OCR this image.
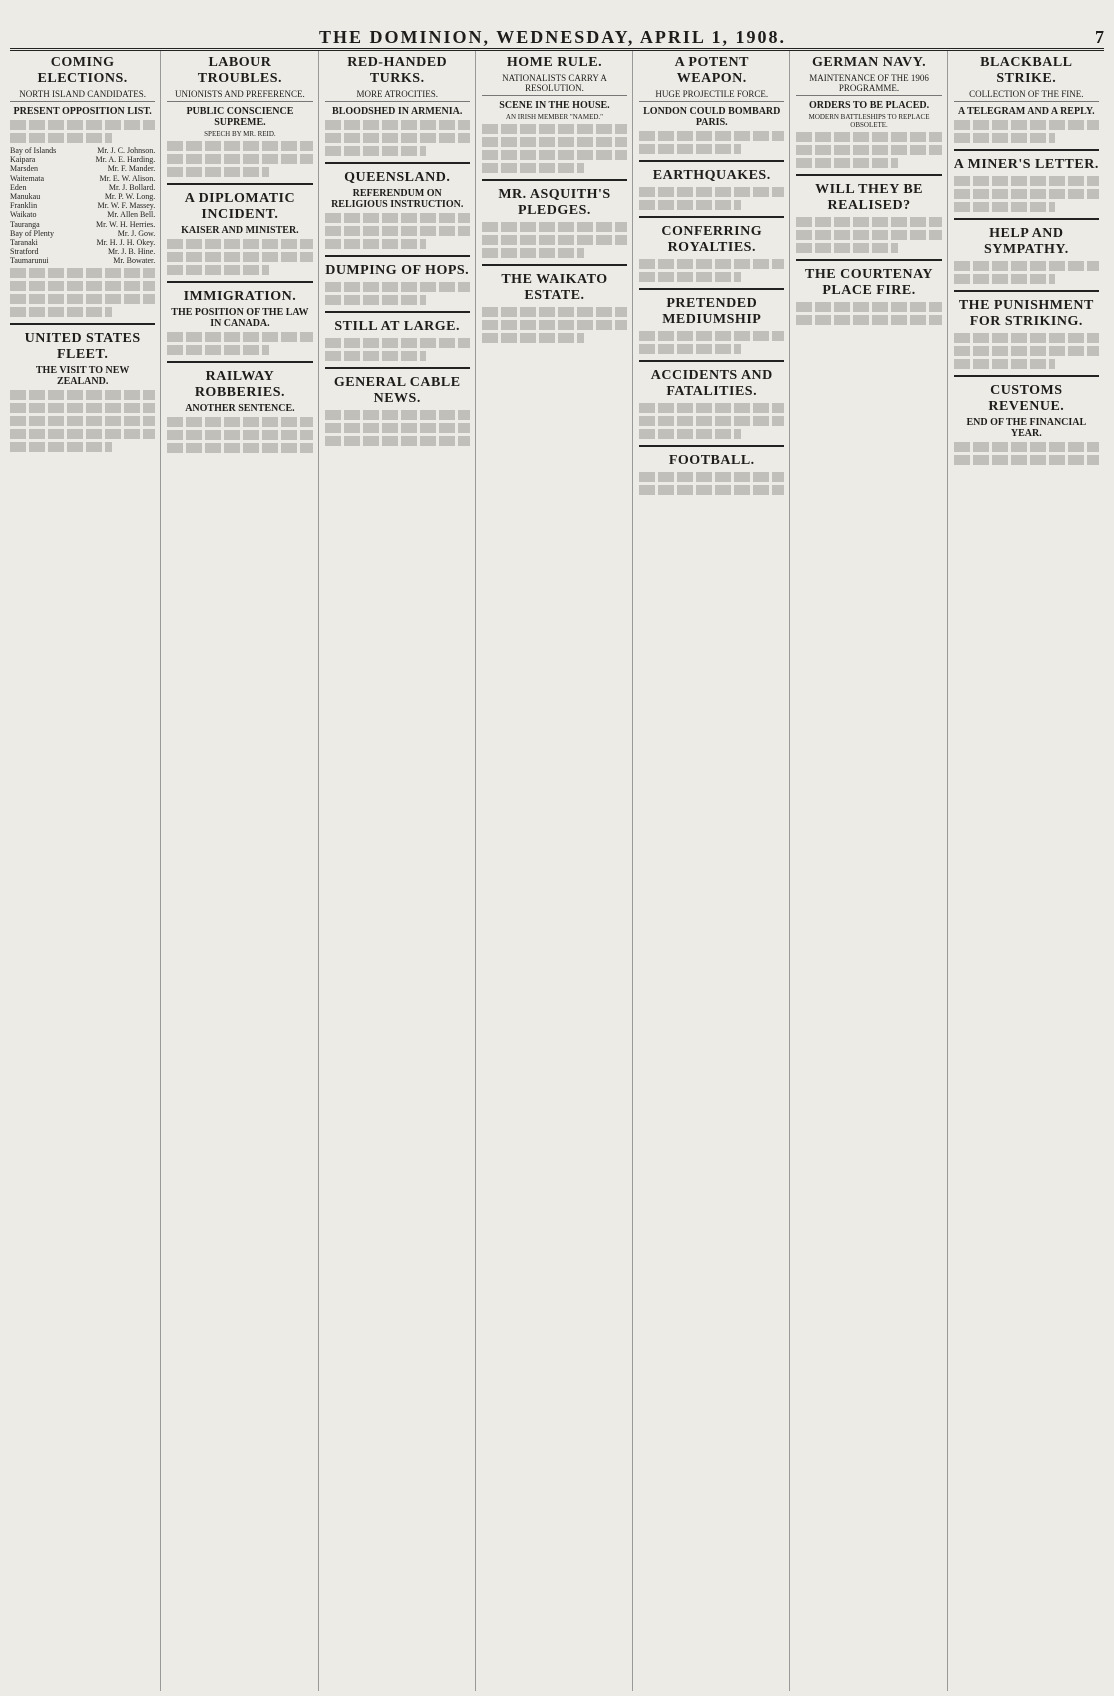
THE DOMINION, WEDNESDAY, APRIL 1, 1908.	7
COMING ELECTIONS.
NORTH ISLAND CANDIDATES.
PRESENT OPPOSITION LIST.
Bay of Islands	Mr. J. C. Johnson.
Kaipara	Mr. A. E. Harding.
Marsden	Mr. F. Mander.
Waitemata	Mr. E. W. Alison.
Eden	Mr. J. Bollard.
Manukau	Mr. P. W. Long.
Franklin	Mr. W. F. Massey.
Waikato	Mr. Allen Bell.
Tauranga	Mr. W. H. Herries.
Bay of Plenty	Mr. J. Gow.
Taranaki	Mr. H. J. H. Okey.
Stratford	Mr. J. B. Hine.
Taumarunui	Mr. Bowater.
UNITED STATES FLEET.
THE VISIT TO NEW ZEALAND.
LABOUR TROUBLES.
UNIONISTS AND PREFERENCE.
PUBLIC CONSCIENCE SUPREME.
SPEECH BY MR. REID.
A DIPLOMATIC INCIDENT.
KAISER AND MINISTER.
IMMIGRATION.
THE POSITION OF THE LAW IN CANADA.
RAILWAY ROBBERIES.
ANOTHER SENTENCE.
RED-HANDED TURKS.
MORE ATROCITIES.
BLOODSHED IN ARMENIA.
QUEENSLAND.
REFERENDUM ON RELIGIOUS INSTRUCTION.
DUMPING OF HOPS.
STILL AT LARGE.
GENERAL CABLE NEWS.
HOME RULE.
NATIONALISTS CARRY A RESOLUTION.
SCENE IN THE HOUSE.
AN IRISH MEMBER "NAMED."
MR. ASQUITH'S PLEDGES.
THE WAIKATO ESTATE.
A POTENT WEAPON.
HUGE PROJECTILE FORCE.
LONDON COULD BOMBARD PARIS.
EARTHQUAKES.
CONFERRING ROYALTIES.
PRETENDED MEDIUMSHIP
ACCIDENTS AND FATALITIES.
FOOTBALL.
GERMAN NAVY.
MAINTENANCE OF THE 1906 PROGRAMME.
ORDERS TO BE PLACED.
MODERN BATTLESHIPS TO REPLACE OBSOLETE.
WILL THEY BE REALISED?
THE COURTENAY PLACE FIRE.
BLACKBALL STRIKE.
COLLECTION OF THE FINE.
A TELEGRAM AND A REPLY.
A MINER'S LETTER.
HELP AND SYMPATHY.
THE PUNISHMENT FOR STRIKING.
CUSTOMS REVENUE.
END OF THE FINANCIAL YEAR.
